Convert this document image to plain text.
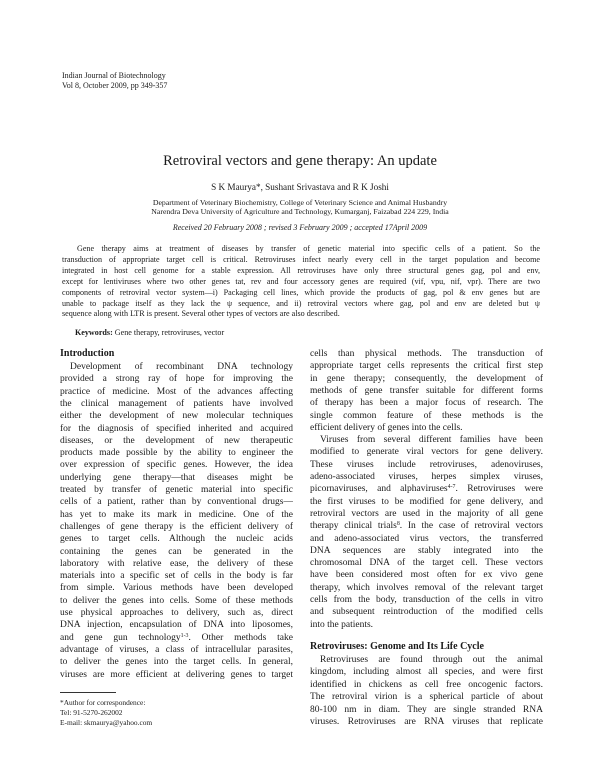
Indian Journal of Biotechnology
Vol 8, October 2009, pp 349-357
Retroviral vectors and gene therapy: An update
S K Maurya*, Sushant Srivastava and R K Joshi
Department of Veterinary Biochemistry, College of Veterinary Science and Animal Husbandry
Narendra Deva University of Agriculture and Technology, Kumarganj, Faizabad 224 229, India
Received 20 February 2008 ; revised 3 February 2009 ; accepted 17April 2009
Gene therapy aims at treatment of diseases by transfer of genetic material into specific cells of a patient. So the
transduction of appropriate target cell is critical. Retroviruses infect nearly every cell in the target population and become
integrated in host cell genome for a stable expression. All retroviruses have only three structural genes gag, pol and env,
except for lentiviruses where two other genes tat, rev and four accessory genes are required (vif, vpu, nif, vpr). There are two
components of retroviral vector system—i) Packaging cell lines, which provide the products of gag, pol & env genes but are
unable to package itself as they lack the ψ sequence, and ii) retroviral vectors where gag, pol and env are deleted but ψ
sequence along with LTR is present. Several other types of vectors are also described.
Keywords: Gene therapy, retroviruses, vector
Introduction
Development of recombinant DNA technology
provided a strong ray of hope for improving the
practice of medicine. Most of the advances affecting
the clinical management of patients have involved
either the development of new molecular techniques
for the diagnosis of specified inherited and acquired
diseases, or the development of new therapeutic
products made possible by the ability to engineer the
over expression of specific genes. However, the idea
underlying gene therapy—that diseases might be
treated by transfer of genetic material into specific
cells of a patient, rather than by conventional drugs—
has yet to make its mark in medicine. One of the
challenges of gene therapy is the efficient delivery of
genes to target cells. Although the nucleic acids
containing the genes can be generated in the
laboratory with relative ease, the delivery of these
materials into a specific set of cells in the body is far
from simple. Various methods have been developed
to deliver the genes into cells. Some of these methods
use physical approaches to delivery, such as, direct
DNA injection, encapsulation of DNA into liposomes,
and gene gun technology$^{1-3}$. Other methods take
advantage of viruses, a class of intracellular parasites,
to deliver the genes into the target cells. In general,
viruses are more efficient at delivering genes to target
cells than physical methods. The transduction of
appropriate target cells represents the critical first step
in gene therapy; consequently, the development of
methods of gene transfer suitable for different forms
of therapy has been a major focus of research. The
single common feature of these methods is the
efficient delivery of genes into the cells.
Viruses from several different families have been
modified to generate viral vectors for gene delivery.
These viruses include retroviruses, adenoviruses,
adeno-associated viruses, herpes simplex viruses,
picornaviruses, and alphaviruses$^{4-7}$. Retroviruses were
the first viruses to be modified for gene delivery, and
retroviral vectors are used in the majority of all gene
therapy clinical trials$^8$. In the case of retroviral vectors
and adeno-associated virus vectors, the transferred
DNA sequences are stably integrated into the
chromosomal DNA of the target cell. These vectors
have been considered most often for ex vivo gene
therapy, which involves removal of the relevant target
cells from the body, transduction of the cells in vitro
and subsequent reintroduction of the modified cells
into the patients.
Retroviruses are found through out the animal
kingdom, including almost all species, and were first
identified in chickens as cell free oncogenic factors.
The retroviral virion is a spherical particle of about
80-100 nm in diam. They are single stranded RNA
viruses. Retroviruses are RNA viruses that replicate
Retroviruses: Genome and Its Life Cycle
*Author for correspondence:
Tel: 91-5270-262002
E-mail: skmaurya@yahoo.com
